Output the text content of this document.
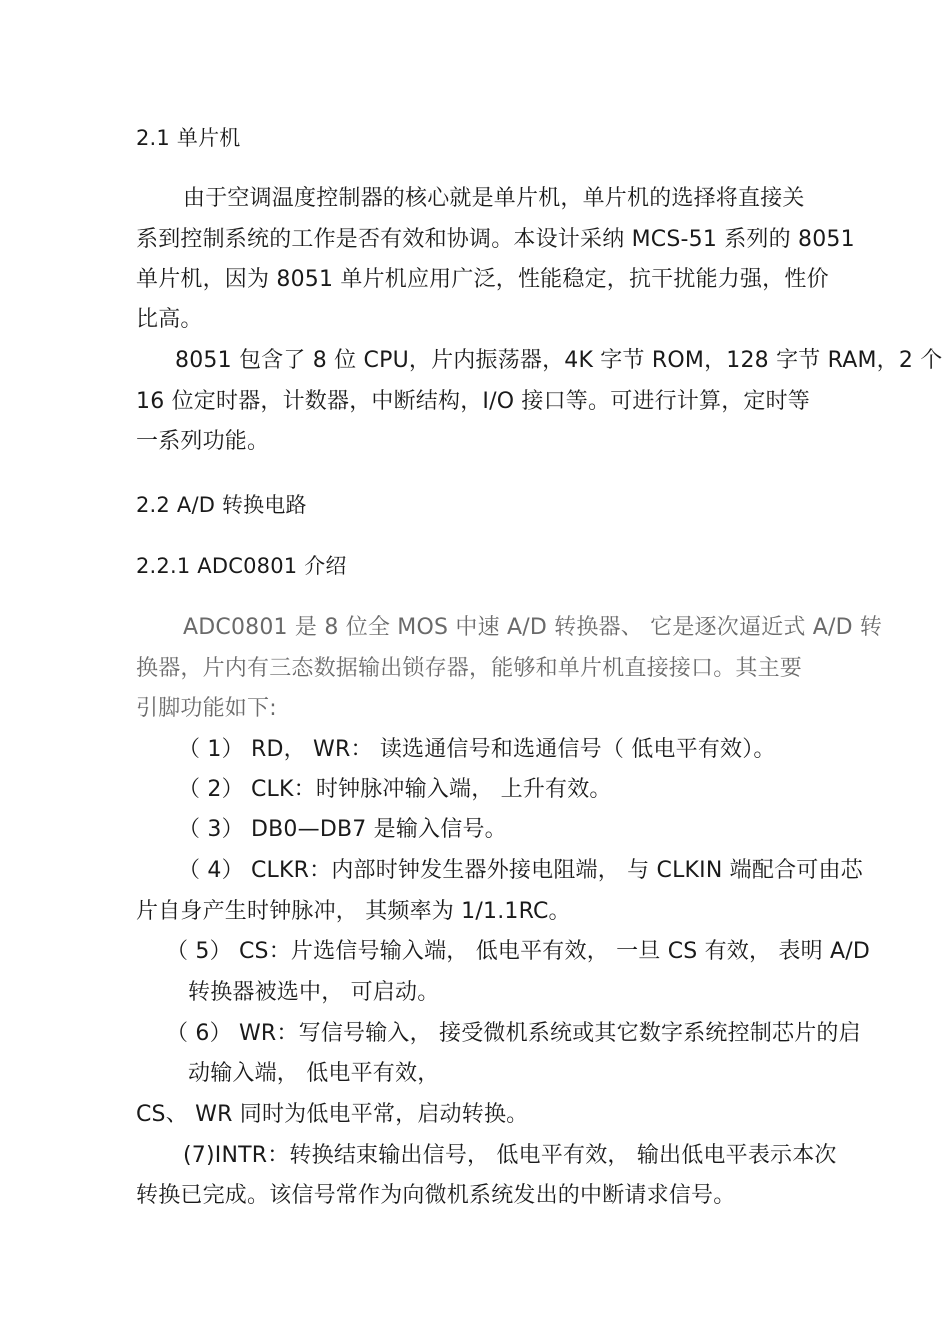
2.1 单片机
由于空调温度控制器的核心就是单片机，单片机的选择将直接关
系到控制系统的工作是否有效和协调。本设计采纳 MCS-51 系列的 8051
单片机，因为 8051 单片机应用广泛，性能稳定，抗干扰能力强，性价
比高。
8051 包含了 8 位 CPU，片内振荡器，4K 字节 ROM，128 字节 RAM，2 个
16 位定时器，计数器，中断结构，I/O 接口等。可进行计算，定时等
一系列功能。
2.2 A/D 转换电路
2.2.1 ADC0801 介绍
ADC0801 是 8 位全 MOS 中速 A/D 转换器、 它是逐次逼近式 A/D 转
换器，片内有三态数据输出锁存器，能够和单片机直接接口。其主要
引脚功能如下:
（ 1） RD， WR： 读选通信号和选通信号（ 低电平有效）。
（ 2） CLK：时钟脉冲输入端， 上升有效。
（ 3） DB0—DB7 是输入信号。
（ 4） CLKR：内部时钟发生器外接电阻端， 与 CLKIN 端配合可由芯
片自身产生时钟脉冲， 其频率为 1/1.1RC。
（ 5） CS：片选信号输入端， 低电平有效， 一旦 CS 有效， 表明 A/D
转换器被选中， 可启动。
（ 6） WR：写信号输入， 接受微机系统或其它数字系统控制芯片的启
动输入端， 低电平有效，
CS、 WR 同时为低电平常，启动转换。
(7)INTR：转换结束输出信号， 低电平有效， 输出低电平表示本次
转换已完成。该信号常作为向微机系统发出的中断请求信号。
